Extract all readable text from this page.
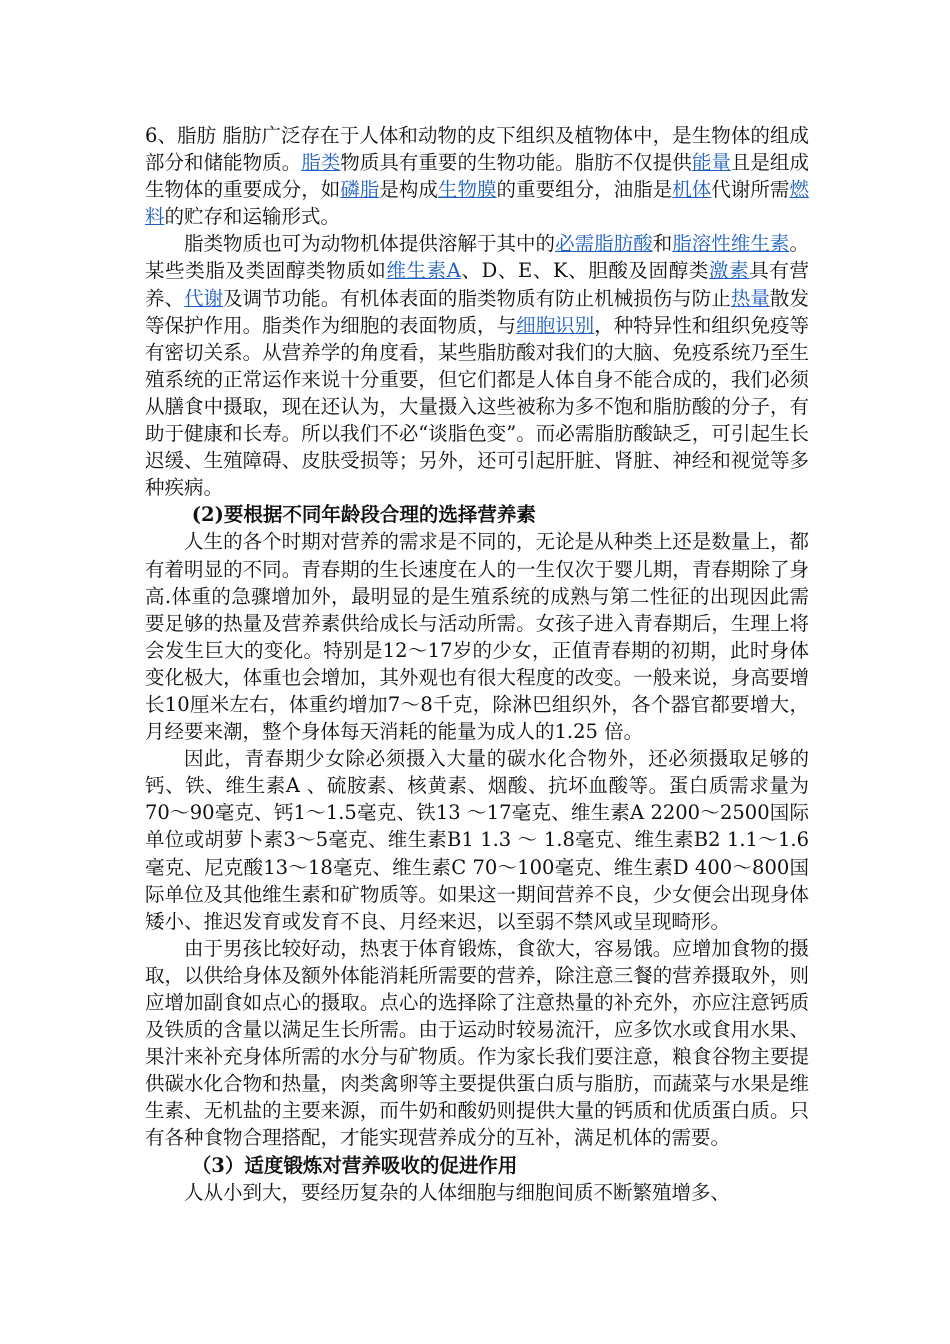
6、脂肪 脂肪广泛存在于人体和动物的皮下组织及植物体中，是生物体的组成部分和储能物质。脂类物质具有重要的生物功能。脂肪不仅提供能量且是组成生物体的重要成分，如磷脂是构成生物膜的重要组分，油脂是机体代谢所需燃料的贮存和运输形式。

脂类物质也可为动物机体提供溶解于其中的必需脂肪酸和脂溶性维生素。某些类脂及类固醇类物质如维生素A、D、E、K、胆酸及固醇类激素具有营养、代谢及调节功能。有机体表面的脂类物质有防止机械损伤与防止热量散发等保护作用。脂类作为细胞的表面物质，与细胞识别，种特异性和组织免疫等有密切关系。从营养学的角度看，某些脂肪酸对我们的大脑、免疫系统乃至生殖系统的正常运作来说十分重要，但它们都是人体自身不能合成的，我们必须从膳食中摄取，现在还认为，大量摄入这些被称为多不饱和脂肪酸的分子，有助于健康和长寿。所以我们不必“谈脂色变”。而必需脂肪酸缺乏，可引起生长迟缓、生殖障碍、皮肤受损等；另外，还可引起肝脏、肾脏、神经和视觉等多种疾病。

(2)要根据不同年龄段合理的选择营养素

人生的各个时期对营养的需求是不同的，无论是从种类上还是数量上，都有着明显的不同。青春期的生长速度在人的一生仅次于婴儿期，青春期除了身高.体重的急骤增加外，最明显的是生殖系统的成熟与第二性征的出现因此需要足够的热量及营养素供给成长与活动所需。女孩子进入青春期后，生理上将会发生巨大的变化。特别是12～17岁的少女，正值青春期的初期，此时身体变化极大，体重也会增加，其外观也有很大程度的改变。一般来说，身高要增长10厘米左右，体重约增加7～8千克，除淋巴组织外，各个器官都要增大，月经要来潮，整个身体每天消耗的能量为成人的1.25 倍。

因此，青春期少女除必须摄入大量的碳水化合物外，还必须摄取足够的钙、铁、维生素A 、硫胺素、核黄素、烟酸、抗坏血酸等。蛋白质需求量为70～90毫克、钙1～1.5毫克、铁13 ～17毫克、维生素A 2200～2500国际单位或胡萝卜素3～5毫克、维生素B1 1.3 ～ 1.8毫克、维生素B2 1.1～1.6毫克、尼克酸13～18毫克、维生素C 70～100毫克、维生素D 400～800国际单位及其他维生素和矿物质等。如果这一期间营养不良，少女便会出现身体矮小、推迟发育或发育不良、月经来迟，以至弱不禁风或呈现畸形。

由于男孩比较好动，热衷于体育锻炼，食欲大，容易饿。应增加食物的摄取，以供给身体及额外体能消耗所需要的营养，除注意三餐的营养摄取外，则应增加副食如点心的摄取。点心的选择除了注意热量的补充外，亦应注意钙质及铁质的含量以满足生长所需。由于运动时较易流汗，应多饮水或食用水果、果汁来补充身体所需的水分与矿物质。作为家长我们要注意，粮食谷物主要提供碳水化合物和热量，肉类禽卵等主要提供蛋白质与脂肪，而蔬菜与水果是维生素、无机盐的主要来源，而牛奶和酸奶则提供大量的钙质和优质蛋白质。只有各种食物合理搭配，才能实现营养成分的互补，满足机体的需要。

（3）适度锻炼对营养吸收的促进作用

人从小到大，要经历复杂的人体细胞与细胞间质不断繁殖增多、
